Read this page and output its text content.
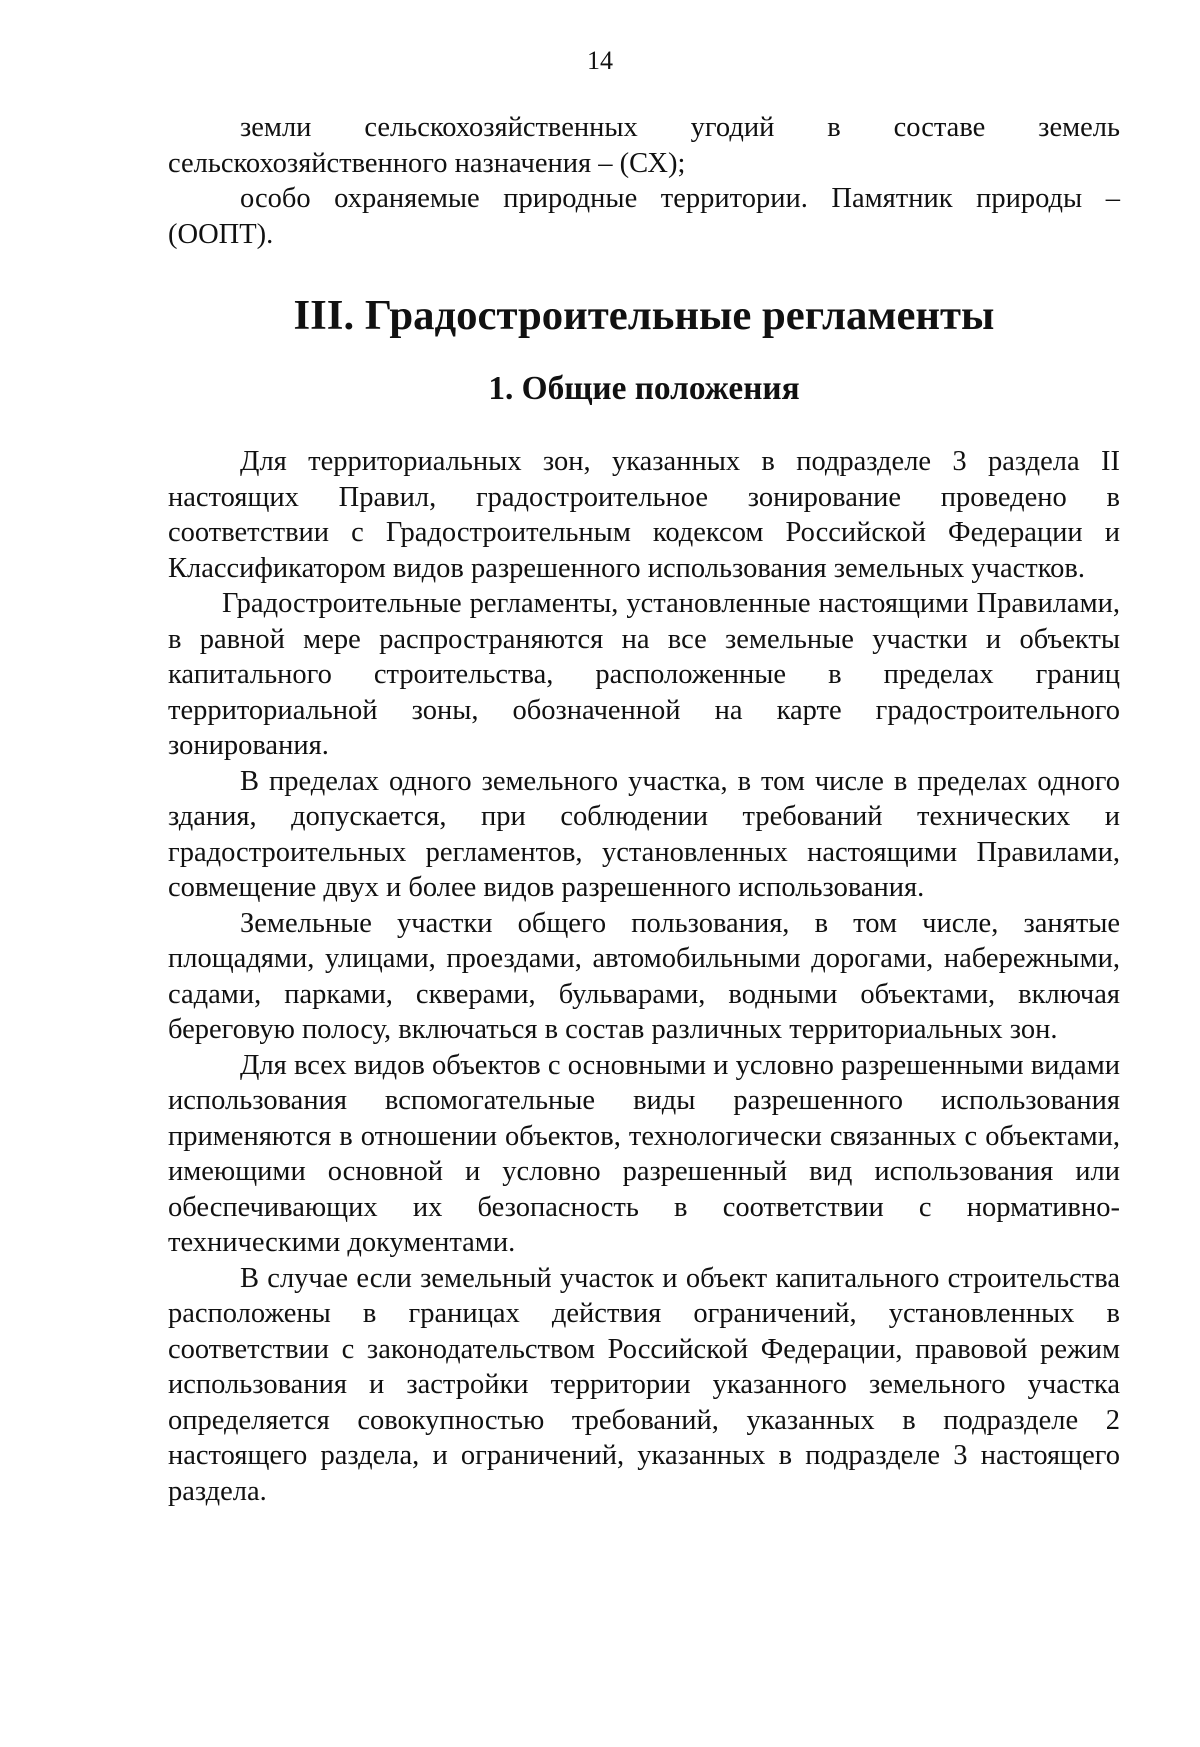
14

земли сельскохозяйственных угодий в составе земель сельскохозяйственного назначения – (СХ);

особо охраняемые природные территории. Памятник природы – (ООПТ).

III. Градостроительные регламенты
1. Общие положения

Для территориальных зон, указанных в подразделе 3 раздела II настоящих Правил, градостроительное зонирование проведено в соответствии с Градостроительным кодексом Российской Федерации и Классификатором видов разрешенного использования земельных участков.

Градостроительные регламенты, установленные настоящими Правилами, в равной мере распространяются на все земельные участки и объекты капитального строительства, расположенные в пределах границ территориальной зоны, обозначенной на карте градостроительного зонирования.

В пределах одного земельного участка, в том числе в пределах одного здания, допускается, при соблюдении требований технических и градостроительных регламентов, установленных настоящими Правилами, совмещение двух и более видов разрешенного использования.

Земельные участки общего пользования, в том числе, занятые площадями, улицами, проездами, автомобильными дорогами, набережными, садами, парками, скверами, бульварами, водными объектами, включая береговую полосу, включаться в состав различных территориальных зон.

Для всех видов объектов с основными и условно разрешенными видами использования вспомогательные виды разрешенного использования применяются в отношении объектов, технологически связанных с объектами, имеющими основной и условно разрешенный вид использования или обеспечивающих их безопасность в соответствии с нормативно-техническими документами.

В случае если земельный участок и объект капитального строительства расположены в границах действия ограничений, установленных в соответствии с законодательством Российской Федерации, правовой режим использования и застройки территории указанного земельного участка определяется совокупностью требований, указанных в подразделе 2 настоящего раздела, и ограничений, указанных в подразделе 3 настоящего раздела.
